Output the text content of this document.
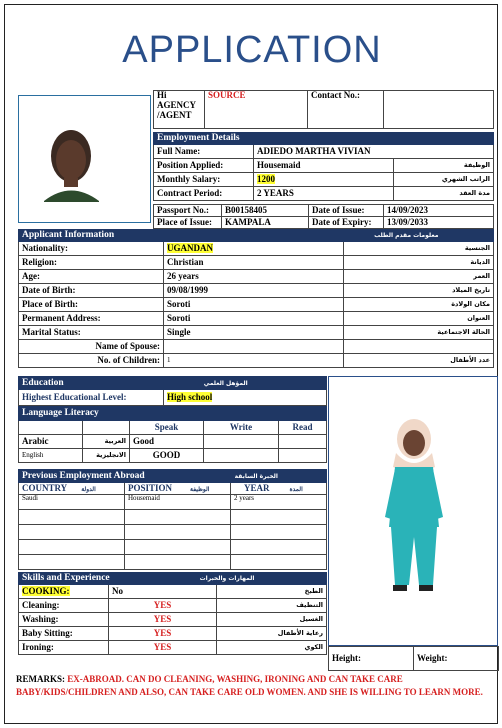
APPLICATION
Hi AGENCY /AGENT	SOURCE	Contact No.:	
Employment Details		
Full Name:	ADIEDO MARTHA VIVIAN	
Position Applied:	Housemaid	الوظيفة
Monthly Salary:	1200	الراتب الشهري
Contract Period:	2 YEARS	مدة العقد
Passport No.:	B00158405	Date of Issue:	14/09/2023
Place of Issue:	KAMPALA	Date of Expiry:	13/09/2033
Applicant Information معلومات مقدم الطلب		
Nationality:	UGANDAN	الجنسية
Religion:	Christian	الديانة
Age:	26 years	العمر
Date of Birth:	09/08/1999	تاريخ الميلاد
Place of Birth:	Soroti	مكان الولادة
Permanent Address:	Soroti	العنوان
Marital Status:	Single	الحالة الاجتماعية
Name of Spouse:		
No. of Children:	1	عدد الأطفال
Education	المؤهل العلمي
Highest Educational Level:	High school
Language Literacy				
		Speak	Write	Read
Arabic	العربية	Good		
English	الانجليزية	GOOD		
Previous Employment Abroad الخبرة السابقة		
COUNTRY الدولة	POSITION الوظيفة	YEAR المدة
Saudi	Housemaid	2 years

Skills and Experience المهارات والخبرات		
COOKING:	No	الطبخ
Cleaning:	YES	التنظيف
Washing:	YES	الغسيل
Baby Sitting:	YES	رعاية الأطفال
Ironing:	YES	الكوي
Height:	Weight:
REMARKS: EX-ABROAD. CAN DO CLEANING, WASHING, IRONING AND CAN TAKE CARE BABY/KIDS/CHILDREN AND ALSO, CAN TAKE CARE OLD WOMEN. AND SHE IS WILLING TO LEARN MORE.
